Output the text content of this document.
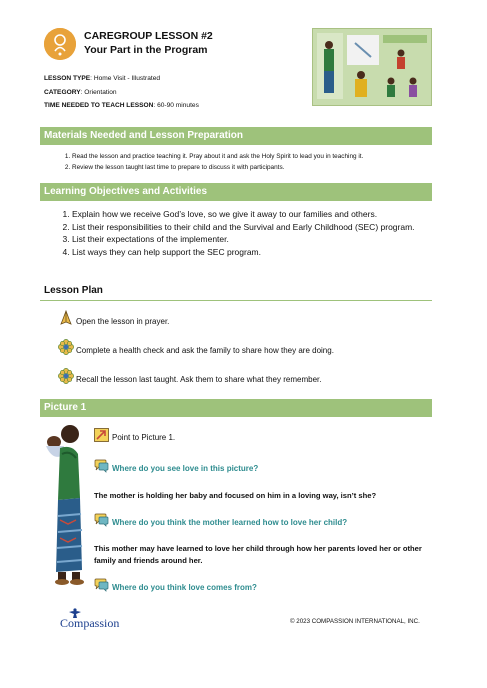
CAREGROUP LESSON #2
Your Part in the Program
LESSON TYPE: Home Visit - Illustrated
CATEGORY: Orientation
TIME NEEDED TO TEACH LESSON: 60-90 minutes
Materials Needed and Lesson Preparation
1. Read the lesson and practice teaching it. Pray about it and ask the Holy Spirit to lead you in teaching it.
2. Review the lesson taught last time to prepare to discuss it with participants.
Learning Objectives and Activities
1. Explain how we receive God’s love, so we give it away to our families and others.
2. List their responsibilities to their child and the Survival and Early Childhood (SEC) program.
3. List their expectations of the implementer.
4. List ways they can help support the SEC program.
Lesson Plan
Open the lesson in prayer.
Complete a health check and ask the family to share how they are doing.
Recall the lesson last taught. Ask them to share what they remember.
Picture 1
Point to Picture 1.
Where do you see love in this picture?
The mother is holding her baby and focused on him in a loving way, isn’t she?
Where do you think the mother learned how to love her child?
This mother may have learned to love her child through how her parents loved her or other family and friends around her.
Where do you think love comes from?
Compassion	© 2023 COMPASSION INTERNATIONAL, INC.
